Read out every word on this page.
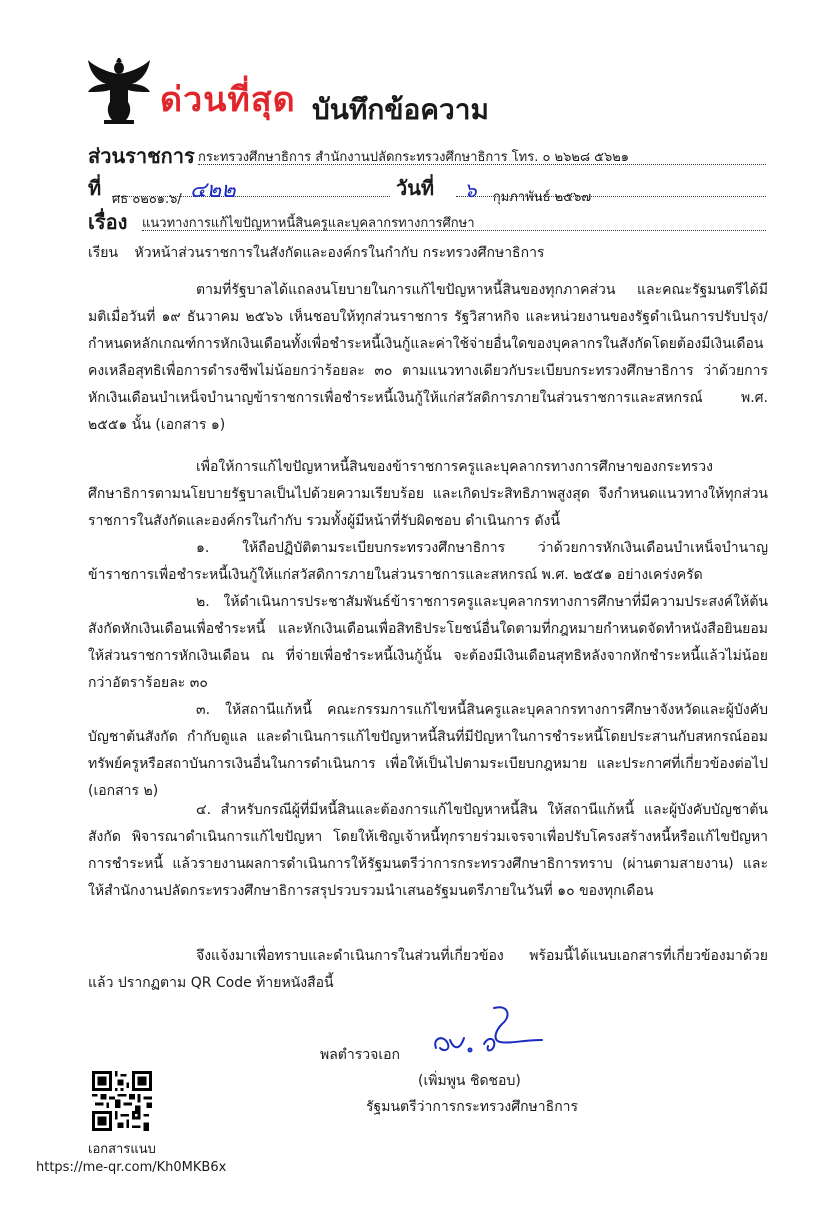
ด่วนที่สุด บันทึกข้อความ
ส่วนราชการ กระทรวงศึกษาธิการ สำนักงานปลัดกระทรวงศึกษาธิการ โทร. ๐ ๒๖๒๘ ๕๖๒๑
ที่ ศธ ๐๒๐๑.๖/ ๔๒๒	วันที่	๖ กุมภาพันธ์ ๒๕๖๗
เรื่อง แนวทางการแก้ไขปัญหาหนี้สินครูและบุคลากรทางการศึกษา
เรียน หัวหน้าส่วนราชการในสังกัดและองค์กรในกำกับ กระทรวงศึกษาธิการ

ตามที่รัฐบาลได้แถลงนโยบายในการแก้ไขปัญหาหนี้สินของทุกภาคส่วน และคณะรัฐมนตรีได้มีมติเมื่อวันที่ ๑๙ ธันวาคม ๒๕๖๖ เห็นชอบให้ทุกส่วนราชการ รัฐวิสาหกิจ และหน่วยงานของรัฐดำเนินการปรับปรุง/กำหนดหลักเกณฑ์การหักเงินเดือนทั้งเพื่อชำระหนี้เงินกู้และค่าใช้จ่ายอื่นใดของบุคลากรในสังกัดโดยต้องมีเงินเดือนคงเหลือสุทธิเพื่อการดำรงชีพไม่น้อยกว่าร้อยละ ๓๐ ตามแนวทางเดียวกับระเบียบกระทรวงศึกษาธิการ ว่าด้วยการหักเงินเดือนบำเหน็จบำนาญข้าราชการเพื่อชำระหนี้เงินกู้ให้แก่สวัสดิการภายในส่วนราชการและสหกรณ์ พ.ศ. ๒๕๕๑ นั้น (เอกสาร ๑)

เพื่อให้การแก้ไขปัญหาหนี้สินของข้าราชการครูและบุคลากรทางการศึกษาของกระทรวงศึกษาธิการตามนโยบายรัฐบาลเป็นไปด้วยความเรียบร้อย และเกิดประสิทธิภาพสูงสุด จึงกำหนดแนวทางให้ทุกส่วนราชการในสังกัดและองค์กรในกำกับ รวมทั้งผู้มีหน้าที่รับผิดชอบ ดำเนินการ ดังนี้

๑. ให้ถือปฏิบัติตามระเบียบกระทรวงศึกษาธิการ ว่าด้วยการหักเงินเดือนบำเหน็จบำนาญข้าราชการเพื่อชำระหนี้เงินกู้ให้แก่สวัสดิการภายในส่วนราชการและสหกรณ์ พ.ศ. ๒๕๕๑ อย่างเคร่งครัด

๒. ให้ดำเนินการประชาสัมพันธ์ข้าราชการครูและบุคลากรทางการศึกษาที่มีความประสงค์ให้ต้นสังกัดหักเงินเดือนเพื่อชำระหนี้ และหักเงินเดือนเพื่อสิทธิประโยชน์อื่นใดตามที่กฎหมายกำหนดจัดทำหนังสือยินยอมให้ส่วนราชการหักเงินเดือน ณ ที่จ่ายเพื่อชำระหนี้เงินกู้นั้น จะต้องมีเงินเดือนสุทธิหลังจากหักชำระหนี้แล้วไม่น้อยกว่าอัตราร้อยละ ๓๐

๓. ให้สถานีแก้หนี้ คณะกรรมการแก้ไขหนี้สินครูและบุคลากรทางการศึกษาจังหวัดและผู้บังคับบัญชาต้นสังกัด กำกับดูแล และดำเนินการแก้ไขปัญหาหนี้สินที่มีปัญหาในการชำระหนี้โดยประสานกับสหกรณ์ออมทรัพย์ครูหรือสถาบันการเงินอื่นในการดำเนินการ เพื่อให้เป็นไปตามระเบียบกฎหมาย และประกาศที่เกี่ยวข้องต่อไป (เอกสาร ๒)

๔. สำหรับกรณีผู้ที่มีหนี้สินและต้องการแก้ไขปัญหาหนี้สิน ให้สถานีแก้หนี้ และผู้บังคับบัญชาต้นสังกัด พิจารณาดำเนินการแก้ไขปัญหา โดยให้เชิญเจ้าหนี้ทุกรายร่วมเจรจาเพื่อปรับโครงสร้างหนี้หรือแก้ไขปัญหาการชำระหนี้ แล้วรายงานผลการดำเนินการให้รัฐมนตรีว่าการกระทรวงศึกษาธิการทราบ (ผ่านตามสายงาน) และให้สำนักงานปลัดกระทรวงศึกษาธิการสรุปรวบรวมนำเสนอรัฐมนตรีภายในวันที่ ๑๐ ของทุกเดือน

จึงแจ้งมาเพื่อทราบและดำเนินการในส่วนที่เกี่ยวข้อง พร้อมนี้ได้แนบเอกสารที่เกี่ยวข้องมาด้วยแล้ว ปรากฏตาม QR Code ท้ายหนังสือนี้

พลตำรวจเอก
(เพิ่มพูน ชิดชอบ)
รัฐมนตรีว่าการกระทรวงศึกษาธิการ
เอกสารแนบ
https://me-qr.com/Kh0MKB6x
